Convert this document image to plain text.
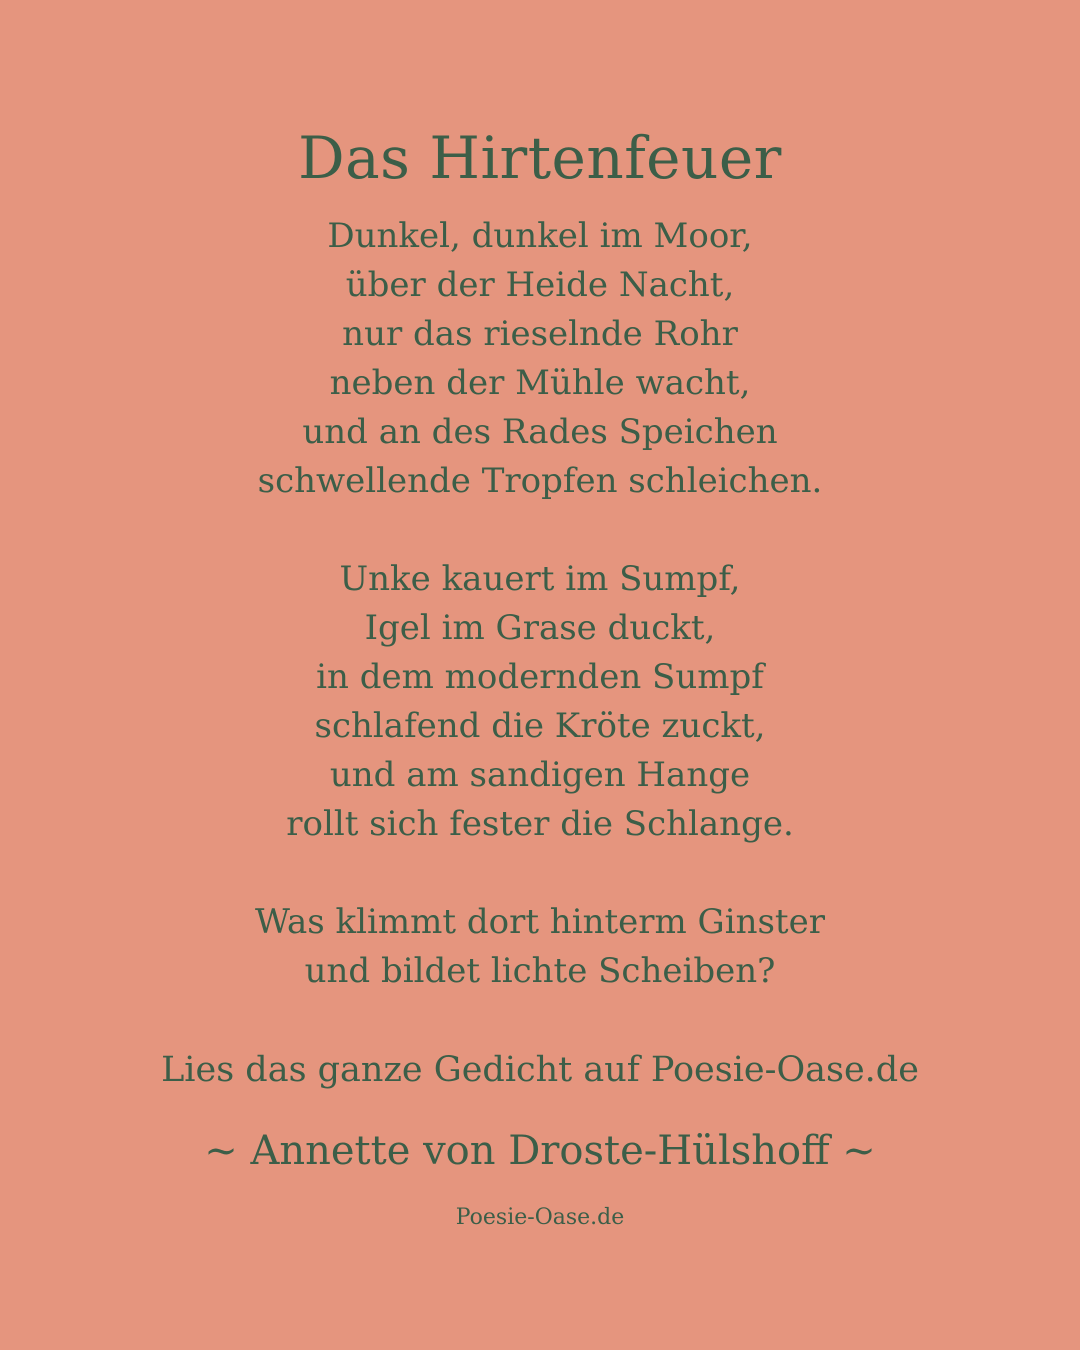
Das Hirtenfeuer
Dunkel, dunkel im Moor,
über der Heide Nacht,
nur das rieselnde Rohr
neben der Mühle wacht,
und an des Rades Speichen
schwellende Tropfen schleichen.
Unke kauert im Sumpf,
Igel im Grase duckt,
in dem modernden Sumpf
schlafend die Kröte zuckt,
und am sandigen Hange
rollt sich fester die Schlange.
Was klimmt dort hinterm Ginster
und bildet lichte Scheiben?
Lies das ganze Gedicht auf Poesie-Oase.de
~ Annette von Droste-Hülshoff ~
Poesie-Oase.de
